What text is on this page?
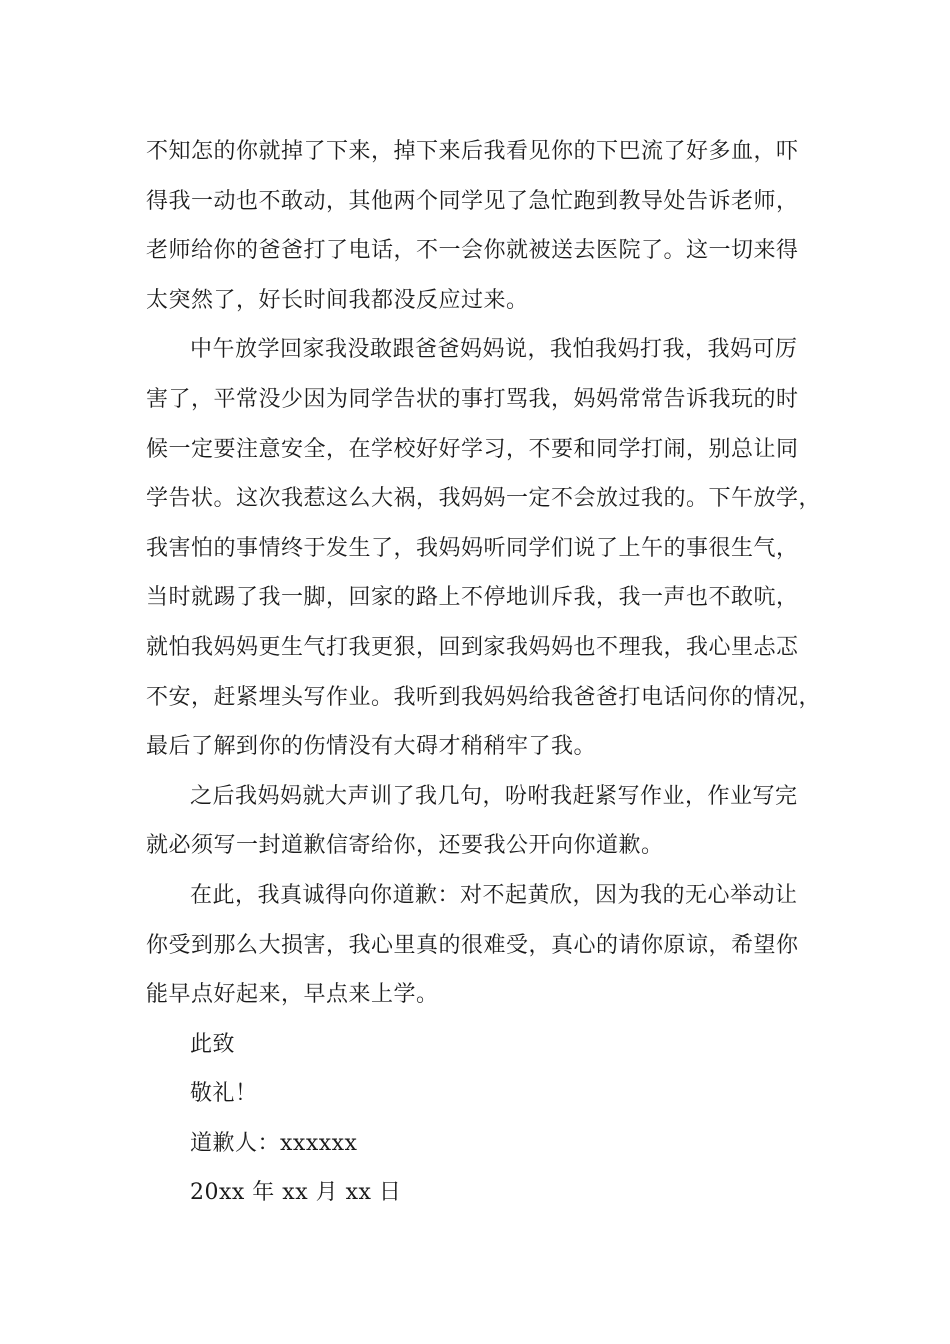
不知怎的你就掉了下来，掉下来后我看见你的下巴流了好多血，吓
得我一动也不敢动，其他两个同学见了急忙跑到教导处告诉老师，
老师给你的爸爸打了电话，不一会你就被送去医院了。这一切来得
太突然了，好长时间我都没反应过来。
中午放学回家我没敢跟爸爸妈妈说，我怕我妈打我，我妈可厉
害了，平常没少因为同学告状的事打骂我，妈妈常常告诉我玩的时
候一定要注意安全，在学校好好学习，不要和同学打闹，别总让同
学告状。这次我惹这么大祸，我妈妈一定不会放过我的。下午放学，
我害怕的事情终于发生了，我妈妈听同学们说了上午的事很生气，
当时就踢了我一脚，回家的路上不停地训斥我，我一声也不敢吭，
就怕我妈妈更生气打我更狠，回到家我妈妈也不理我，我心里忐忑
不安，赶紧埋头写作业。我听到我妈妈给我爸爸打电话问你的情况，
最后了解到你的伤情没有大碍才稍稍牢了我。
之后我妈妈就大声训了我几句，吩咐我赶紧写作业，作业写完
就必须写一封道歉信寄给你，还要我公开向你道歉。
在此，我真诚得向你道歉：对不起黄欣，因为我的无心举动让
你受到那么大损害，我心里真的很难受，真心的请你原谅，希望你
能早点好起来，早点来上学。
此致
敬礼！
道歉人：xxxxxx
20xx 年 xx 月 xx 日
